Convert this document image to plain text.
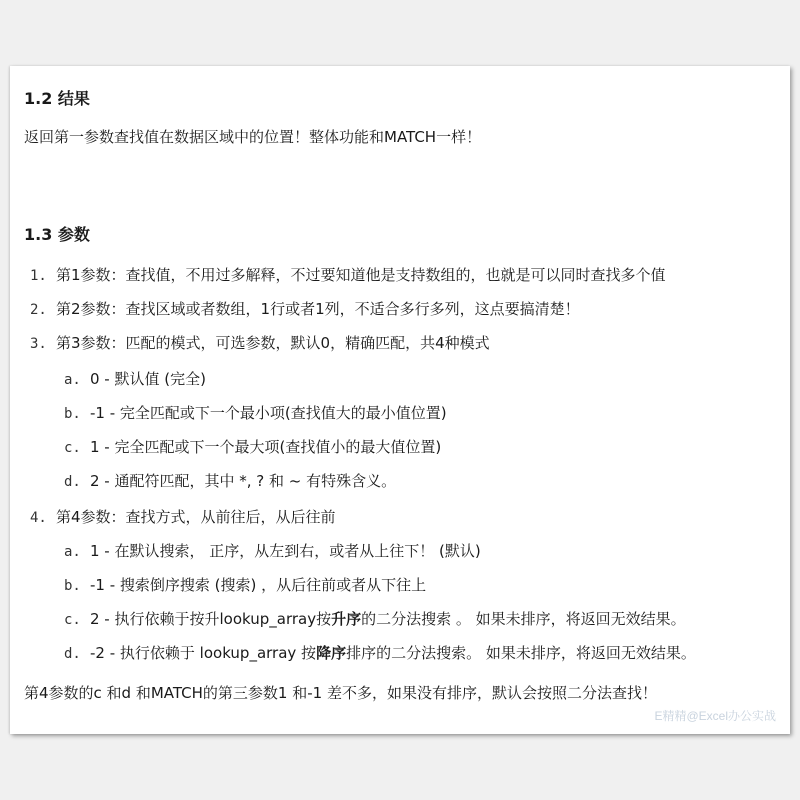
1.2 结果
返回第一参数查找值在数据区域中的位置！整体功能和MATCH一样！
1.3 参数
1. 第1参数：查找值，不用过多解释，不过要知道他是支持数组的，也就是可以同时查找多个值
2. 第2参数：查找区域或者数组，1行或者1列，不适合多行多列，这点要搞清楚！
3. 第3参数：匹配的模式，可选参数，默认0，精确匹配，共4种模式
a. 0 - 默认值 (完全)
b. -1 - 完全匹配或下一个最小项(查找值大的最小值位置)
c. 1 - 完全匹配或下一个最大项(查找值小的最大值位置)
d. 2 - 通配符匹配，其中 *, ? 和 ~ 有特殊含义。
4. 第4参数：查找方式，从前往后，从后往前
a. 1 - 在默认搜索， 正序，从左到右，或者从上往下！ (默认)
b. -1 - 搜索倒序搜索 (搜索) ，从后往前或者从下往上
c. 2 - 执行依赖于按升lookup_array按升序的二分法搜索 。 如果未排序，将返回无效结果。
d. -2 - 执行依赖于 lookup_array 按降序排序的二分法搜索。 如果未排序，将返回无效结果。
第4参数的c 和d 和MATCH的第三参数1 和-1 差不多，如果没有排序，默认会按照二分法查找！
E精精@Excel办公实战
